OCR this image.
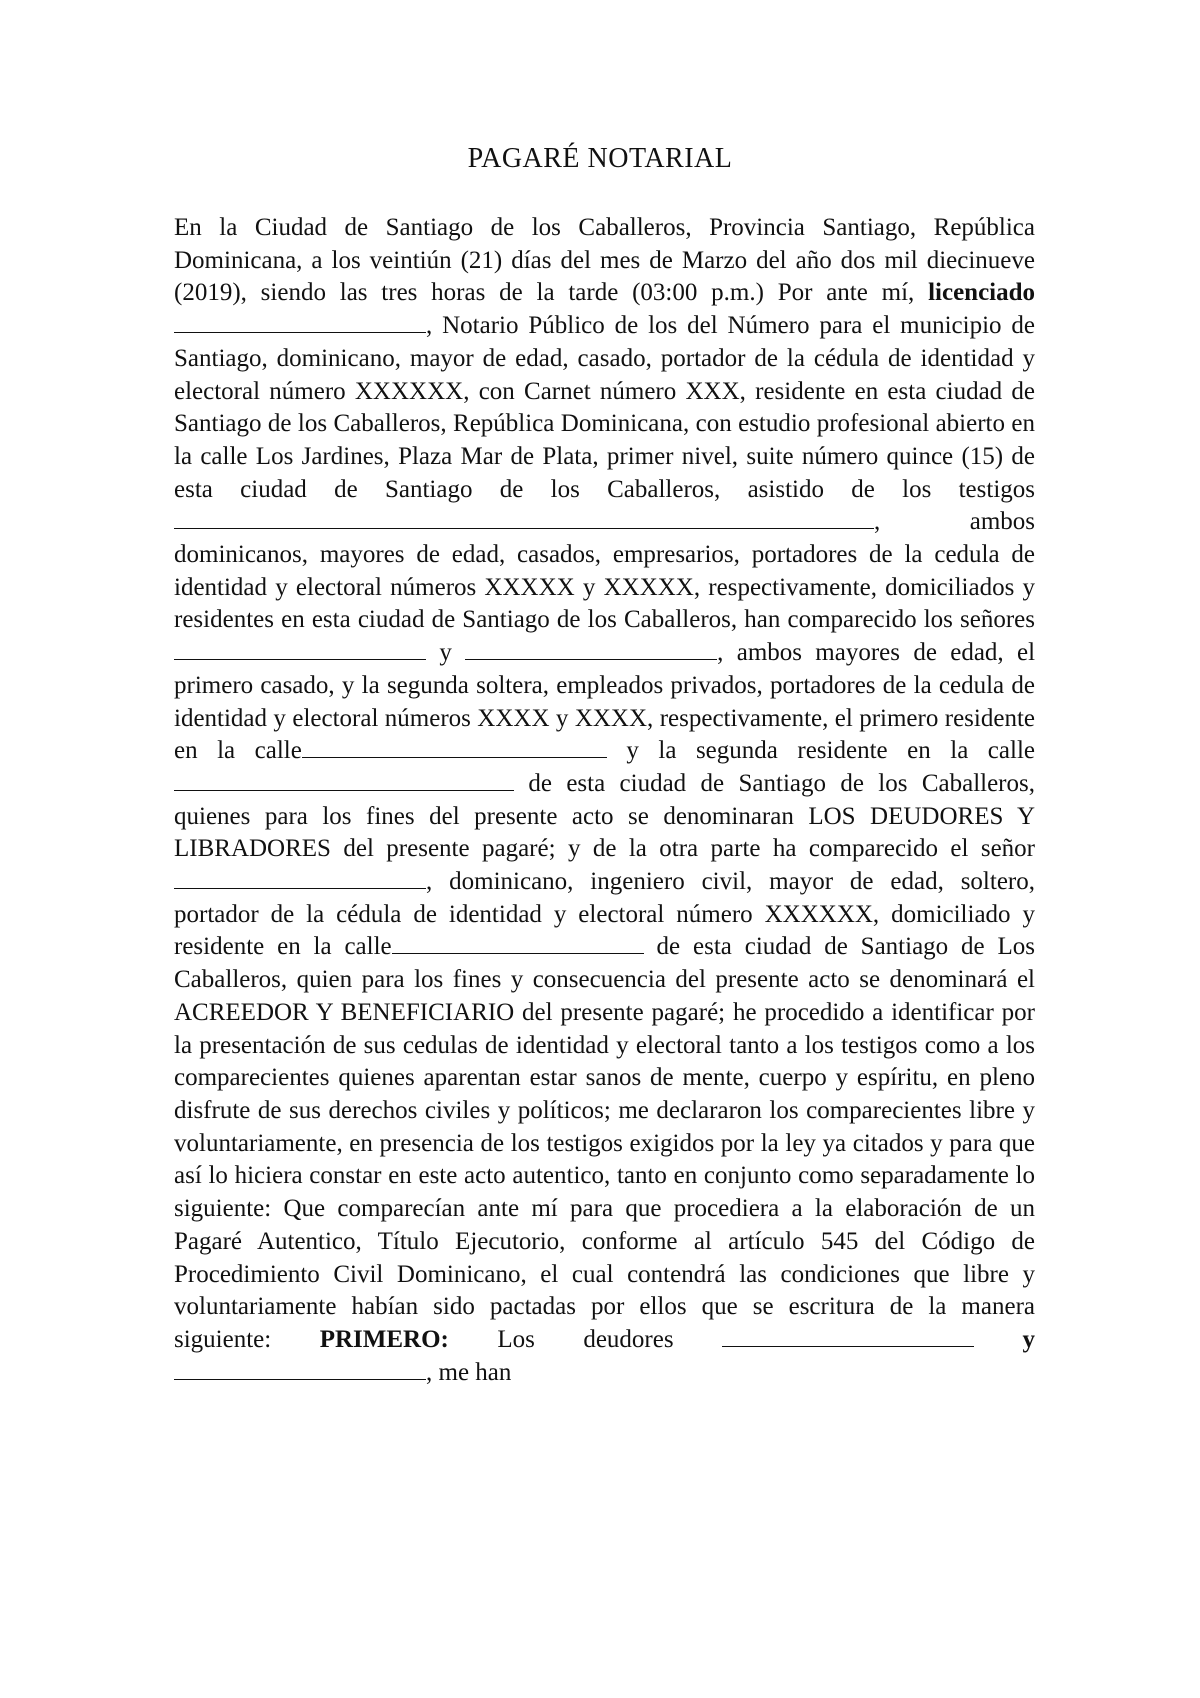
PAGARÉ NOTARIAL

En la Ciudad de Santiago de los Caballeros, Provincia Santiago, República Dominicana, a los veintiún (21) días del mes de Marzo del año dos mil diecinueve (2019), siendo las tres horas de la tarde (03:00 p.m.) Por ante mí, licenciado , Notario Público de los del Número para el municipio de Santiago, dominicano, mayor de edad, casado, portador de la cédula de identidad y electoral número XXXXXX, con Carnet número XXX, residente en esta ciudad de Santiago de los Caballeros, República Dominicana, con estudio profesional abierto en la calle Los Jardines, Plaza Mar de Plata, primer nivel, suite número quince (15) de esta ciudad de Santiago de los Caballeros, asistido de los testigos , ambos dominicanos, mayores de edad, casados, empresarios, portadores de la cedula de identidad y electoral números XXXXX y XXXXX, respectivamente, domiciliados y residentes en esta ciudad de Santiago de los Caballeros, han comparecido los señores  y	, ambos mayores de edad, el primero casado, y la segunda soltera, empleados privados, portadores de la cedula de identidad y electoral números XXXX y XXXX, respectivamente, el primero residente en la calle	y la segunda residente en la calle de esta ciudad de Santiago de los Caballeros, quienes para los fines del presente acto se denominaran LOS DEUDORES Y LIBRADORES del presente pagaré; y de la otra parte ha comparecido el señor , dominicano, ingeniero civil, mayor de edad, soltero, portador de la cédula de identidad y electoral número XXXXXX, domiciliado y residente en la calle	de esta ciudad de Santiago de Los Caballeros, quien para los fines y consecuencia del presente acto se denominará el ACREEDOR Y BENEFICIARIO del presente pagaré; he procedido a identificar por la presentación de sus cedulas de identidad y electoral tanto a los testigos como a los comparecientes quienes aparentan estar sanos de mente, cuerpo y espíritu, en pleno disfrute de sus derechos civiles y políticos; me declararon los comparecientes libre y voluntariamente, en presencia de los testigos exigidos por la ley ya citados y para que así lo hiciera constar en este acto autentico, tanto en conjunto como separadamente lo siguiente: Que comparecían ante mí para que procediera a la elaboración de un Pagaré Autentico, Título Ejecutorio, conforme al artículo 545 del Código de Procedimiento Civil Dominicano, el cual contendrá las condiciones que libre y voluntariamente habían sido pactadas por ellos que se escritura de la manera siguiente: PRIMERO: Los deudores	y , me han
